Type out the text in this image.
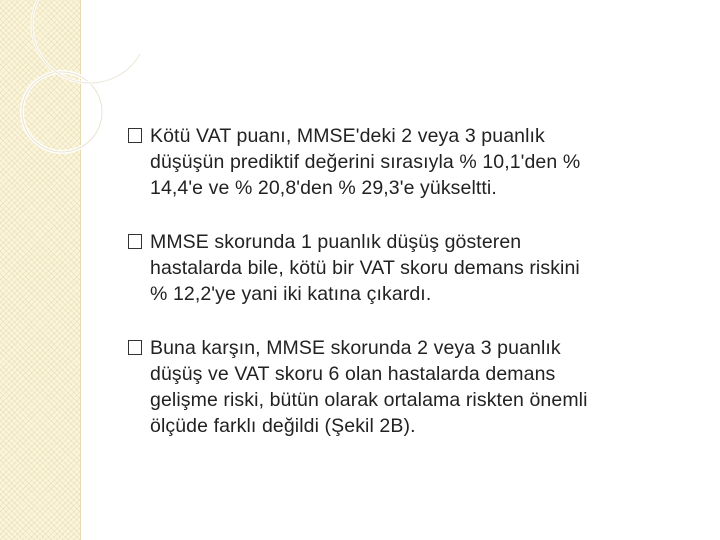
Kötü VAT puanı, MMSE'deki 2 veya 3 puanlık
düşüşün prediktif değerini sırasıyla % 10,1'den %
14,4'e ve % 20,8'den % 29,3'e yükseltti.
MMSE skorunda 1 puanlık düşüş gösteren
hastalarda bile, kötü bir VAT skoru demans riskini
% 12,2'ye yani iki katına çıkardı.
Buna karşın, MMSE skorunda 2 veya 3 puanlık
düşüş ve VAT skoru 6 olan hastalarda demans
gelişme riski, bütün olarak ortalama riskten önemli
ölçüde farklı değildi (Şekil 2B).
